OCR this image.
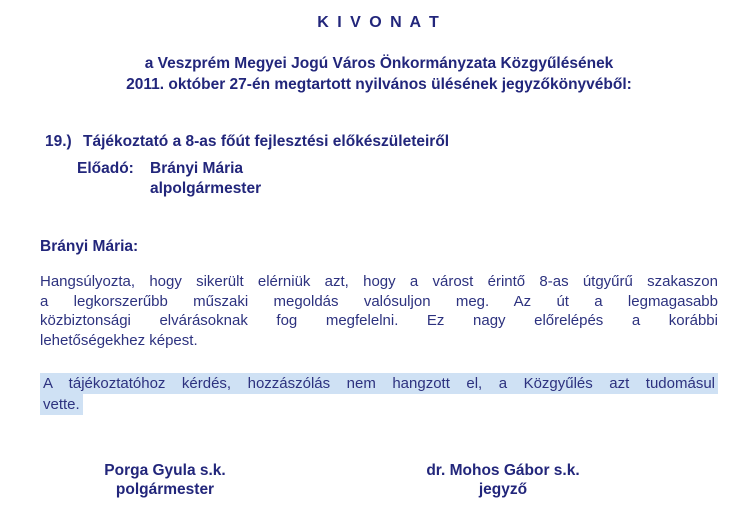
K I V O N A T
a Veszprém Megyei Jogú Város Önkormányzata Közgyűlésének
2011. október 27-én megtartott nyilvános ülésének jegyzőkönyvéből:
19.) Tájékoztató a 8-as főút fejlesztési előkészületeiről
Előadó:	Brányi Mária
alpolgármester
Brányi Mária:
Hangsúlyozta, hogy sikerült elérniük azt, hogy a várost érintő 8-as útgyűrű szakaszon
a legkorszerűbb műszaki megoldás valósuljon meg. Az út a legmagasabb
közbiztonsági elvárásoknak fog megfelelni. Ez nagy előrelépés a korábbi
lehetőségekhez képest.
A tájékoztatóhoz kérdés, hozzászólás nem hangzott el, a Közgyűlés azt tudomásul
vette.
Porga Gyula s.k.
polgármester
dr. Mohos Gábor s.k.
jegyző
